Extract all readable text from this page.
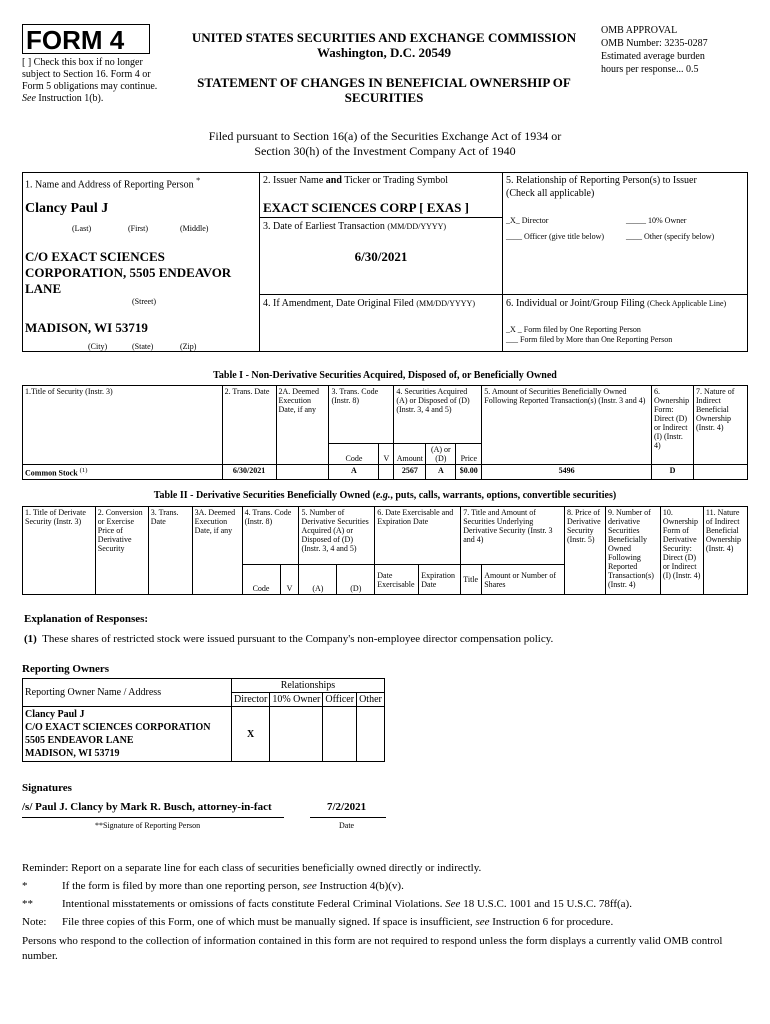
FORM 4
[ ] Check this box if no longer subject to Section 16. Form 4 or Form 5 obligations may continue. See Instruction 1(b).
UNITED STATES SECURITIES AND EXCHANGE COMMISSION
Washington, D.C. 20549
STATEMENT OF CHANGES IN BENEFICIAL OWNERSHIP OF SECURITIES
OMB APPROVAL
OMB Number: 3235-0287
Estimated average burden
hours per response... 0.5
Filed pursuant to Section 16(a) of the Securities Exchange Act of 1934 or
Section 30(h) of the Investment Company Act of 1940
1. Name and Address of Reporting Person *
Clancy Paul J
(Last)	(First)	(Middle)
C/O EXACT SCIENCES CORPORATION, 5505 ENDEAVOR LANE
(Street)
MADISON, WI 53719
(City)	(State)	(Zip)
2. Issuer Name and Ticker or Trading Symbol
EXACT SCIENCES CORP [ EXAS ]
3. Date of Earliest Transaction (MM/DD/YYYY)
6/30/2021
4. If Amendment, Date Original Filed (MM/DD/YYYY)
5. Relationship of Reporting Person(s) to Issuer
(Check all applicable)
_X_ Director	_____ 10% Owner
____ Officer (give title below)	____ Other (specify below)
6. Individual or Joint/Group Filing (Check Applicable Line)
_X _ Form filed by One Reporting Person
___ Form filed by More than One Reporting Person
Table I - Non-Derivative Securities Acquired, Disposed of, or Beneficially Owned
1.Title of Security (Instr. 3)	2. Trans. Date	2A. Deemed Execution Date, if any	3. Trans. Code (Instr. 8)		4. Securities Acquired (A) or Disposed of (D) (Instr. 3, 4 and 5)			5. Amount of Securities Beneficially Owned Following Reported Transaction(s) (Instr. 3 and 4)	6. Ownership Form: Direct (D) or Indirect (I) (Instr. 4)	7. Nature of Indirect Beneficial Ownership (Instr. 4)
			Code	V	Amount	(A) or (D)	Price			
Common Stock $^{(1)}$	6/30/2021		A		2567	A	$0.00	5496	D	
Table II - Derivative Securities Beneficially Owned (e.g., puts, calls, warrants, options, convertible securities)
1. Title of Derivate Security (Instr. 3)	2. Conversion or Exercise Price of Derivative Security	3. Trans. Date	3A. Deemed Execution Date, if any	4. Trans. Code (Instr. 8)		5. Number of Derivative Securities Acquired (A) or Disposed of (D) (Instr. 3, 4 and 5)		6. Date Exercisable and Expiration Date		7. Title and Amount of Securities Underlying Derivative Security (Instr. 3 and 4)		8. Price of Derivative Security (Instr. 5)	9. Number of derivative Securities Beneficially Owned Following Reported Transaction(s) (Instr. 4)	10. Ownership Form of Derivative Security: Direct (D) or Indirect (I) (Instr. 4)	11. Nature of Indirect Beneficial Ownership (Instr. 4)
				Code	V	(A)	(D)	Date Exercisable	Expiration Date	Title	Amount or Number of Shares				
Explanation of Responses:
(1) These shares of restricted stock were issued pursuant to the Company's non-employee director compensation policy.
Reporting Owners
Reporting Owner Name / Address	Relationships			
	Director	10% Owner	Officer	Other

Clancy Paul J
C/O EXACT SCIENCES CORPORATION
5505 ENDEAVOR LANE
MADISON, WI 53719	X			
Signatures
/s/ Paul J. Clancy by Mark R. Busch, attorney-in-fact	7/2/2021
**Signature of Reporting Person	Date
Reminder: Report on a separate line for each class of securities beneficially owned directly or indirectly.
*	If the form is filed by more than one reporting person, see Instruction 4(b)(v).
**	Intentional misstatements or omissions of facts constitute Federal Criminal Violations. See 18 U.S.C. 1001 and 15 U.S.C. 78ff(a).
Note: File three copies of this Form, one of which must be manually signed. If space is insufficient, see Instruction 6 for procedure.
Persons who respond to the collection of information contained in this form are not required to respond unless the form displays a currently valid OMB control number.
